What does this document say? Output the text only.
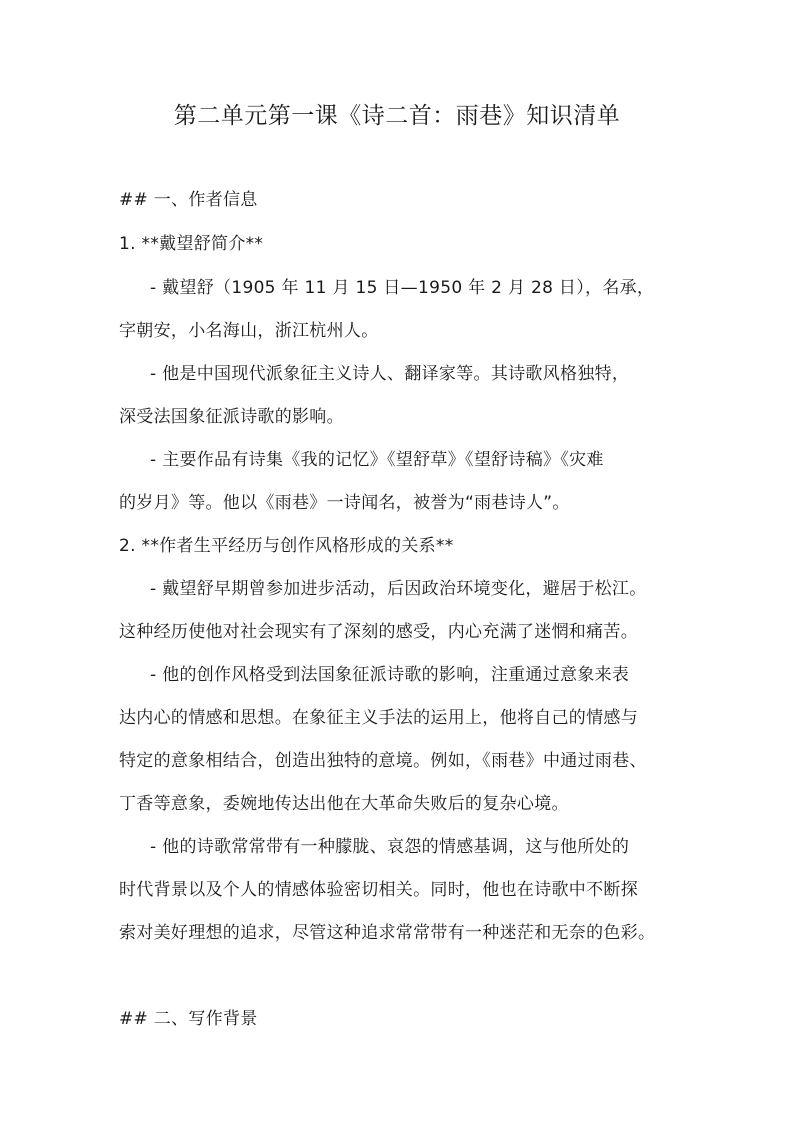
第二单元第一课《诗二首：雨巷》知识清单
## 一、作者信息
1. **戴望舒简介**
- 戴望舒（1905 年 11 月 15 日—1950 年 2 月 28 日），名承，
字朝安，小名海山，浙江杭州人。
- 他是中国现代派象征主义诗人、翻译家等。其诗歌风格独特，
深受法国象征派诗歌的影响。
- 主要作品有诗集《我的记忆》《望舒草》《望舒诗稿》《灾难
的岁月》等。他以《雨巷》一诗闻名，被誉为“雨巷诗人”。
2. **作者生平经历与创作风格形成的关系**
- 戴望舒早期曾参加进步活动，后因政治环境变化，避居于松江。
这种经历使他对社会现实有了深刻的感受，内心充满了迷惘和痛苦。
- 他的创作风格受到法国象征派诗歌的影响，注重通过意象来表
达内心的情感和思想。在象征主义手法的运用上，他将自己的情感与
特定的意象相结合，创造出独特的意境。例如，《雨巷》中通过雨巷、
丁香等意象，委婉地传达出他在大革命失败后的复杂心境。
- 他的诗歌常常带有一种朦胧、哀怨的情感基调，这与他所处的
时代背景以及个人的情感体验密切相关。同时，他也在诗歌中不断探
索对美好理想的追求，尽管这种追求常常带有一种迷茫和无奈的色彩。
## 二、写作背景
